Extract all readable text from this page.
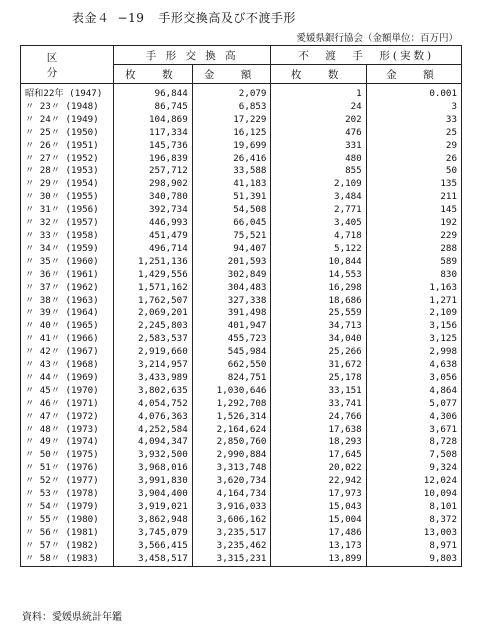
表金４ −19 手形交換高及び不渡手形
愛媛県銀行協会（金額単位：百万円）
区　分	手 形 交 換 高		不　渡　手　形(実数)	
	枚　数	金　額	枚　数	金　額
昭和22年 (1947)	96,844	2,079	1	0.001
〃 23〃 (1948)	86,745	6,853	24	3
〃 24〃 (1949)	104,869	17,229	202	33
〃 25〃 (1950)	117,334	16,125	476	25
〃 26〃 (1951)	145,736	19,699	331	29
〃 27〃 (1952)	196,839	26,416	480	26
〃 28〃 (1953)	257,712	33,588	855	50
〃 29〃 (1954)	298,902	41,183	2,109	135
〃 30〃 (1955)	340,780	51,391	3,484	211
〃 31〃 (1956)	392,734	54,508	2,771	145
〃 32〃 (1957)	446,993	66,045	3,405	192
〃 33〃 (1958)	451,479	75,521	4,718	229
〃 34〃 (1959)	496,714	94,407	5,122	288
〃 35〃 (1960)	1,251,136	201,593	10,844	589
〃 36〃 (1961)	1,429,556	302,849	14,553	830
〃 37〃 (1962)	1,571,162	304,483	16,298	1,163
〃 38〃 (1963)	1,762,507	327,338	18,686	1,271
〃 39〃 (1964)	2,069,201	391,498	25,559	2,109
〃 40〃 (1965)	2,245,803	401,947	34,713	3,156
〃 41〃 (1966)	2,583,537	455,723	34,040	3,125
〃 42〃 (1967)	2,919,660	545,984	25,266	2,998
〃 43〃 (1968)	3,214,957	662,550	31,672	4,638
〃 44〃 (1969)	3,433,989	824,751	25,178	3,056
〃 45〃 (1970)	3,802,635	1,030,646	33,151	4,864
〃 46〃 (1971)	4,054,752	1,292,708	33,741	5,077
〃 47〃 (1972)	4,076,363	1,526,314	24,766	4,306
〃 48〃 (1973)	4,252,584	2,164,624	17,638	3,671
〃 49〃 (1974)	4,094,347	2,850,760	18,293	8,728
〃 50〃 (1975)	3,932,500	2,990,884	17,645	7,508
〃 51〃 (1976)	3,968,016	3,313,748	20,022	9,324
〃 52〃 (1977)	3,991,830	3,620,734	22,942	12,024
〃 53〃 (1978)	3,904,400	4,164,734	17,973	10,094
〃 54〃 (1979)	3,919,021	3,916,033	15,043	8,101
〃 55〃 (1980)	3,862,948	3,606,162	15,004	8,372
〃 56〃 (1981)	3,745,079	3,235,517	17,486	13,003
〃 57〃 (1982)	3,566,415	3,235,462	13,173	8,971
〃 58〃 (1983)	3,458,517	3,315,231	13,899	9,803
資料：愛媛県統計年鑑
